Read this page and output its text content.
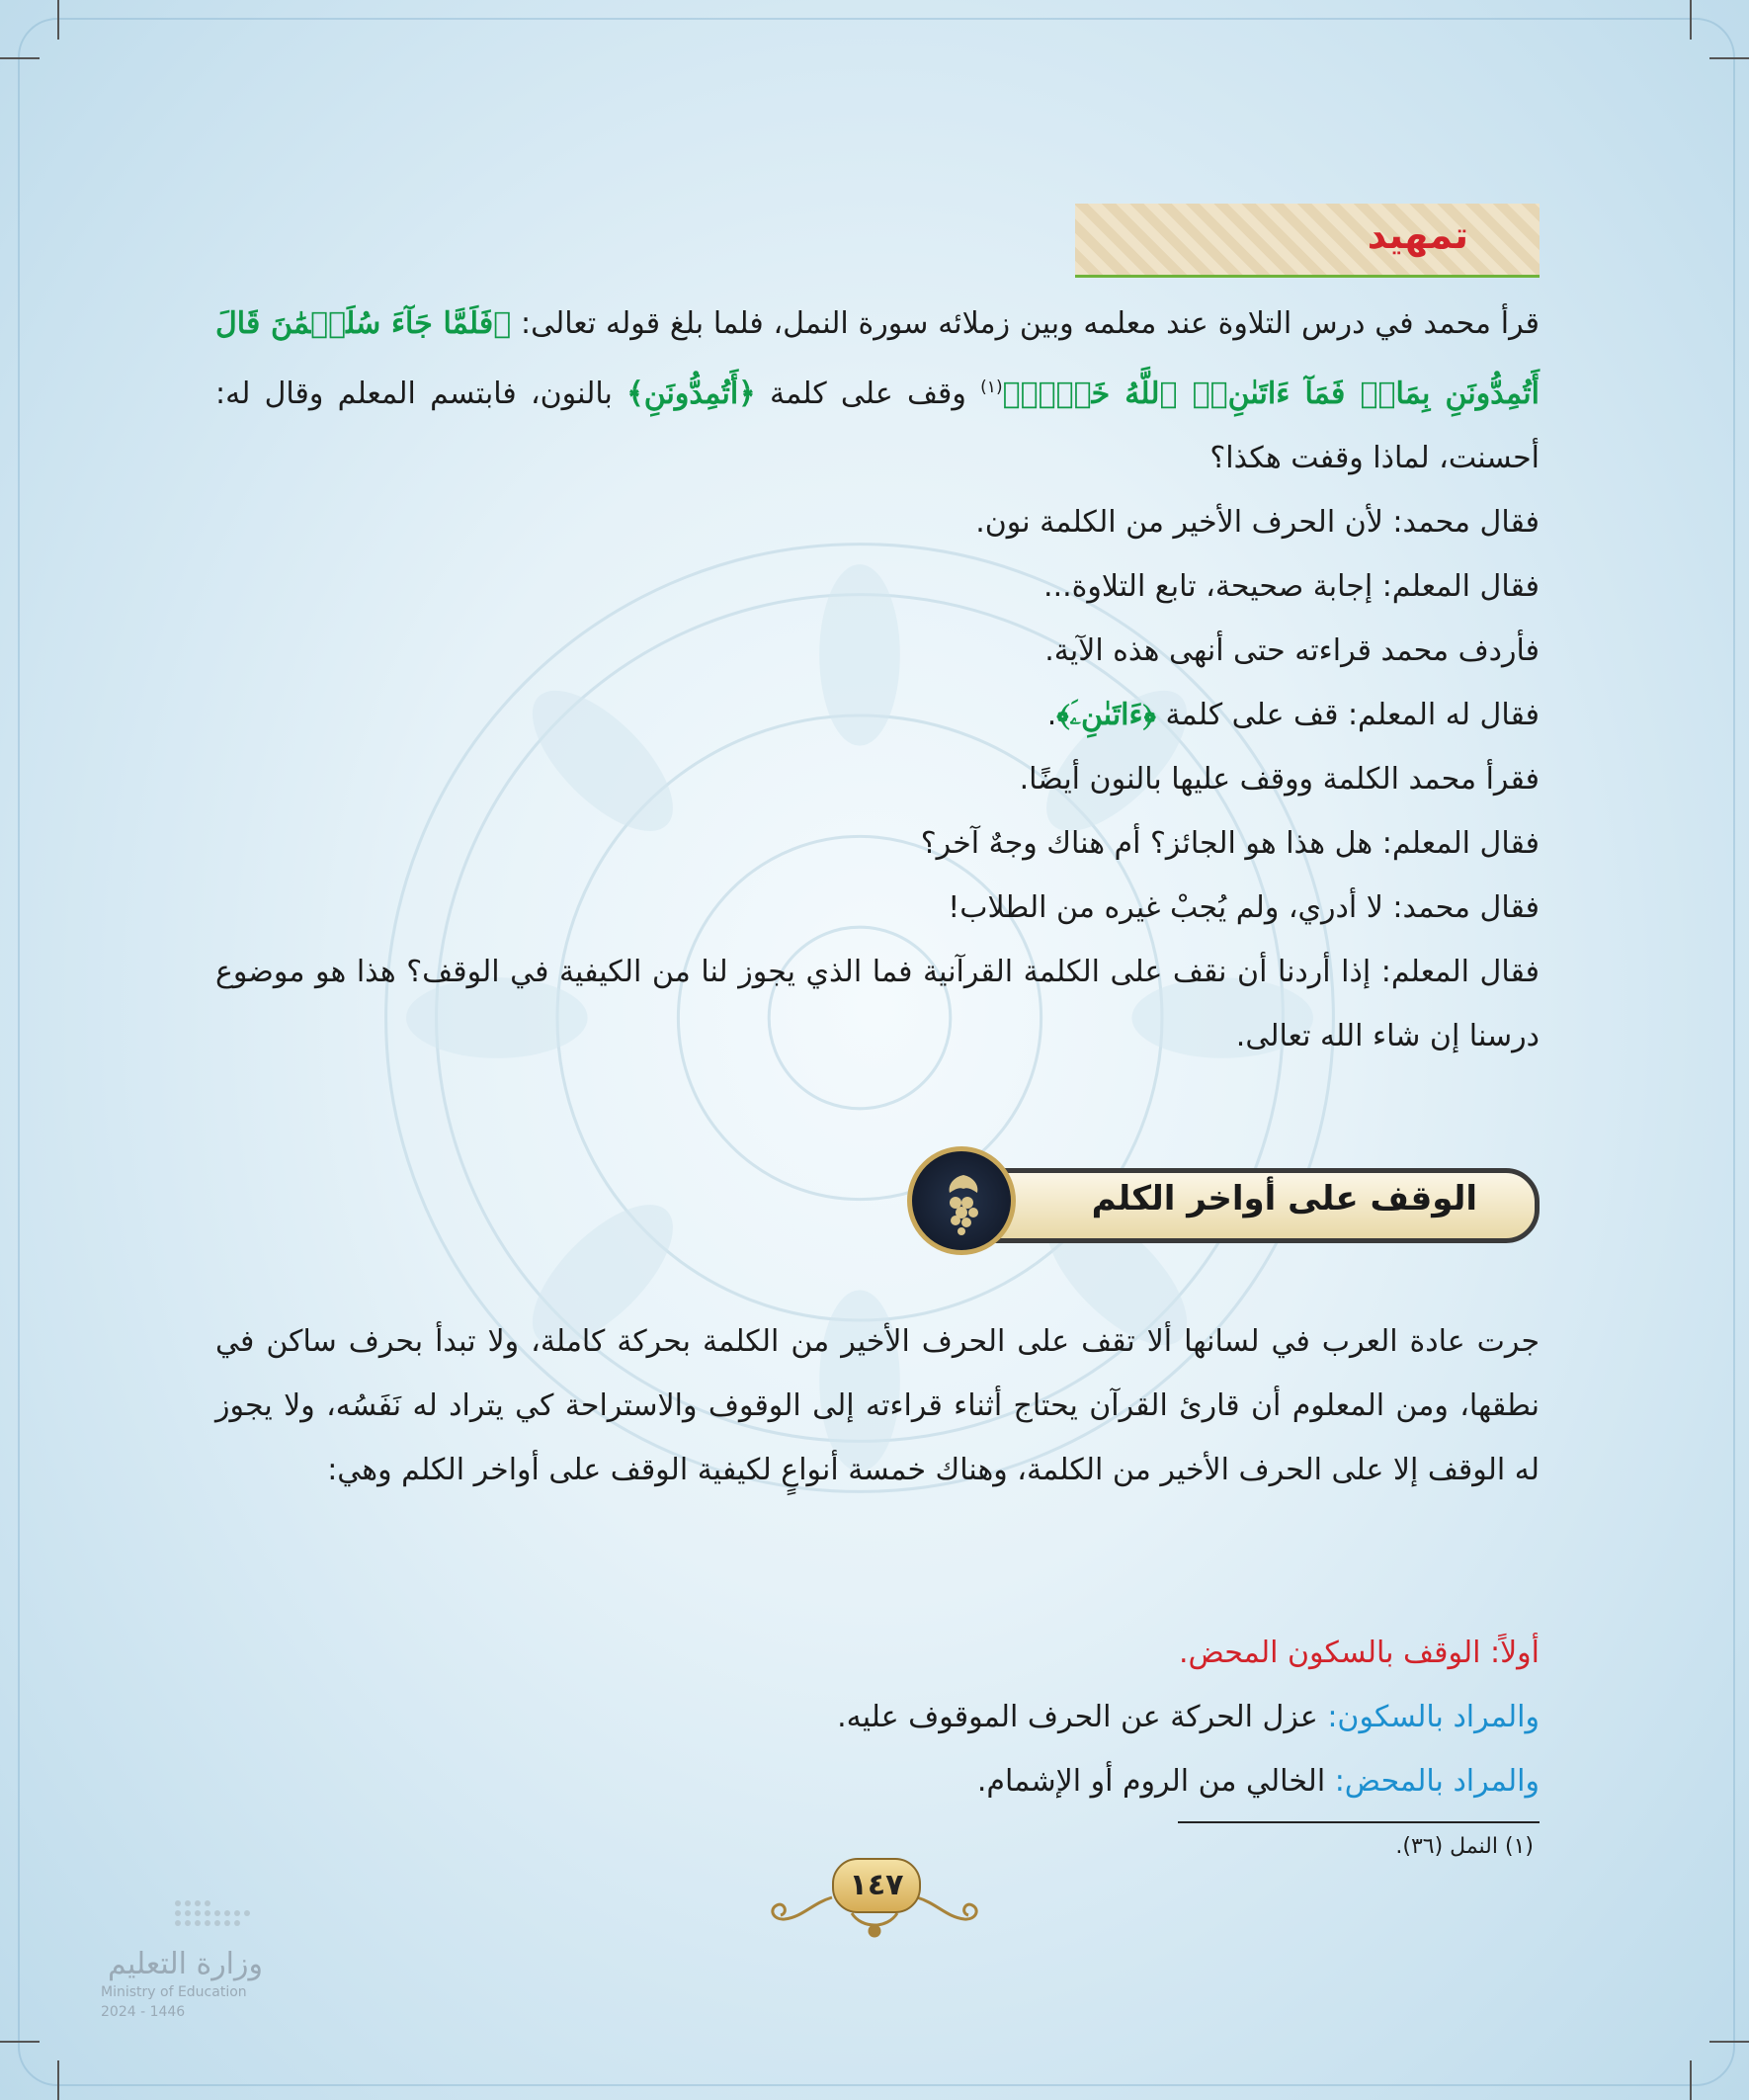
تمهيد

قرأ محمد في درس التلاوة عند معلمه وبين زملائه سورة النمل، فلما بلغ قوله تعالى: ﴿فَلَمَّا جَآءَ سُلَيۡمَٰنَ قَالَ أَتُمِدُّونَنِ بِمَالٖ فَمَآ ءَاتَىٰنِۦَ ٱللَّهُ خَيۡرٞ﴾$^{(١)}$ وقف على كلمة ﴿أَتُمِدُّونَنِ﴾ بالنون، فابتسم المعلم وقال له: أحسنت، لماذا وقفت هكذا؟

فقال محمد: لأن الحرف الأخير من الكلمة نون.

فقال المعلم: إجابة صحيحة، تابع التلاوة...

فأردف محمد قراءته حتى أنهى هذه الآية.

فقال له المعلم: قف على كلمة ﴿ءَاتَىٰنِۦَ﴾.

فقرأ محمد الكلمة ووقف عليها بالنون أيضًا.

فقال المعلم: هل هذا هو الجائز؟ أم هناك وجهٌ آخر؟

فقال محمد: لا أدري، ولم يُجبْ غيره من الطلاب!

فقال المعلم: إذا أردنا أن نقف على الكلمة القرآنية فما الذي يجوز لنا من الكيفية في الوقف؟ هذا هو موضوع درسنا إن شاء الله تعالى.

الوقف على أواخر الكلم

جرت عادة العرب في لسانها ألا تقف على الحرف الأخير من الكلمة بحركة كاملة، ولا تبدأ بحرف ساكن في نطقها، ومن المعلوم أن قارئ القرآن يحتاج أثناء قراءته إلى الوقوف والاستراحة كي يتراد له نَفَسُه، ولا يجوز له الوقف إلا على الحرف الأخير من الكلمة، وهناك خمسة أنواعٍ لكيفية الوقف على أواخر الكلم وهي:

أولاً: الوقف بالسكون المحض.

والمراد بالسكون: عزل الحركة عن الحرف الموقوف عليه.

والمراد بالمحض: الخالي من الروم أو الإشمام.

(١) النمل (٣٦).
١٤٧
وزارة التعليم
Ministry of Education
2024 - 1446
